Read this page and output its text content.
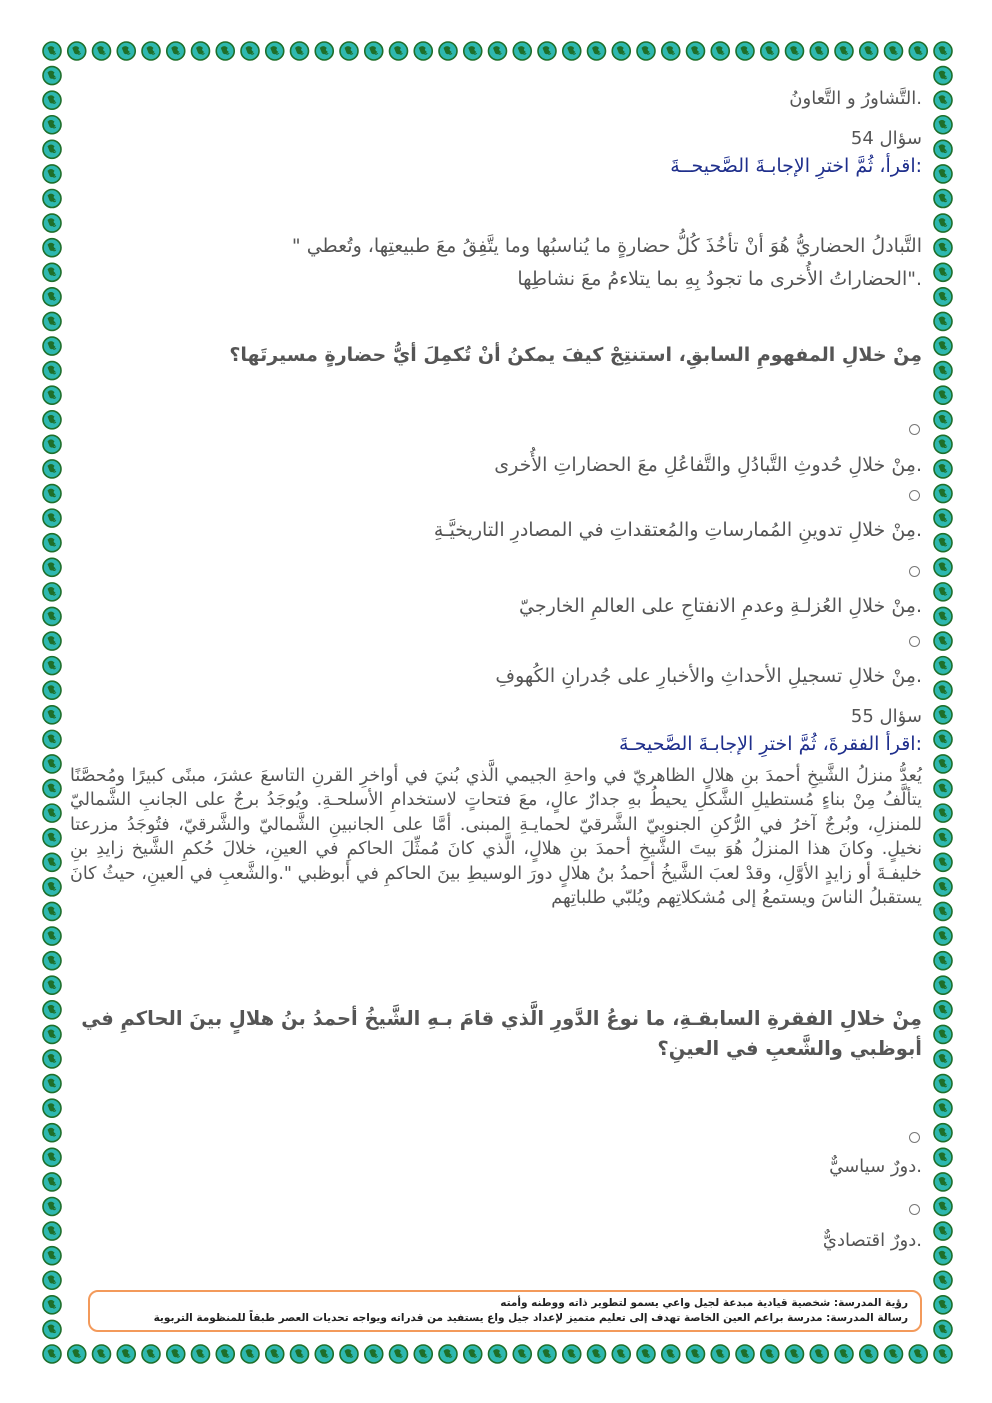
.التَّشاورُ و التَّعاونُ
سؤال 54
:اقرأ، ثُمَّ اخترِ الإجابـةَ الصَّحيحــةَ
التَّبادلُ الحضاريُّ هُوَ أنْ تأخُذَ كُلُّ حضارةٍ ما يُناسبُها وما يتَّفِقُ معَ طبيعتِها، وتُعطي "
."الحضاراتُ الأُخرى ما تجودُ بِهِ بما يتلاءمُ معَ نشاطِها
مِنْ خلالِ المفهومِ السابقِ، استنتِجْ كيفَ يمكنُ أنْ تُكمِلَ أيُّ حضارةٍ مسيرتَها؟
.مِنْ خلالِ حُدوثِ التَّبادُلِ والتَّفاعُلِ معَ الحضاراتِ الأُخرى
.مِنْ خلالِ تدوينِ المُمارساتِ والمُعتقداتِ في المصادرِ التاريخيَّـةِ
.مِنْ خلالِ العُزلـةِ وعدمِ الانفتاحِ على العالمِ الخارجيّ
.مِنْ خلالِ تسجيلِ الأحداثِ والأخبارِ على جُدرانِ الكُهوفِ
سؤال 55
:اقرأ الفقرةَ، ثُمَّ اخترِ الإجابـةَ الصَّحيحـةَ
يُعدُّ منزلُ الشَّيخِ أحمدَ بنِ هلالٍ الظاهريّ في واحةِ الجيمي الَّذي بُنيَ في أواخرِ القرنِ التاسعَ عشرَ، مبنًى كبيرًا ومُحصَّنًا يتألَّفُ مِنْ بناءٍ مُستطيلِ الشَّكلِ يحيطُ بهِ جدارٌ عالٍ، معَ فتحاتٍ لاستخدامِ الأسلحـةِ. ويُوجَدُ برجٌ على الجانبِ الشَّماليّ للمنزلِ، وبُرجٌ آخرُ في الرُّكنِ الجنوبيّ الشَّرقيّ لحمايـةِ المبنى. أمَّا على الجانبينِ الشَّماليّ والشَّرقيّ، فتُوجَدُ مزرعتا نخيلٍ. وكانَ هذا المنزلُ هُوَ بيتَ الشَّيخِ أحمدَ بنِ هلالٍ، الَّذي كانَ مُمثِّلَ الحاكمِ في العينِ، خلالَ حُكمِ الشَّيخ زايدِ بنِ خليفـةَ أو زايدٍ الأوَّلِ، وقدْ لعبَ الشَّيخُ أحمدُ بنُ هلالٍ دورَ الوسيطِ بينَ الحاكمِ في أبوظبي ".والشَّعبِ في العينِ، حيثُ كانَ يستقبلُ الناسَ ويستمعُ إلى مُشكلاتِهم ويُلبّي طلباتِهم
مِنْ خلالِ الفقرةِ السابقـةِ، ما نوعُ الدَّورِ الَّذي قامَ بـهِ الشَّيخُ أحمدُ بنُ هلالٍ بينَ الحاكمِ في أبوظبي والشَّعبِ في العينِ؟
.دورٌ سياسيٌّ
.دورٌ اقتصاديٌّ
رؤية المدرسة: شخصية قيادية مبدعة لجيل واعي يسمو لتطوير ذاته ووطنه وأمته
رسالة المدرسة: مدرسة براعم العين الخاصة تهدف إلى تعليم متميز لإعداد جيل واع يستفيد من قدراته ويواجه تحديات العصر طبقاً للمنظومة التربوية
